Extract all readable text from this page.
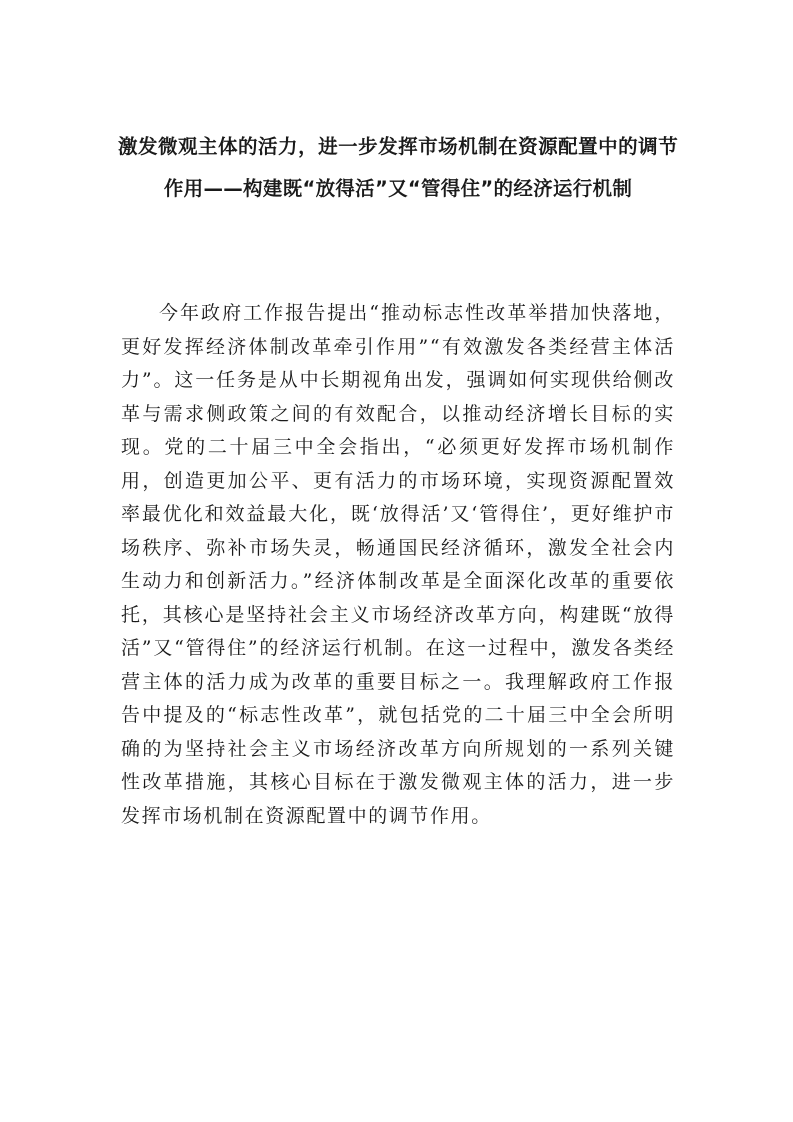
激发微观主体的活力，进一步发挥市场机制在资源配置中的调节作用——构建既“放得活”又“管得住”的经济运行机制

今年政府工作报告提出“推动标志性改革举措加快落地，更好发挥经济体制改革牵引作用”“有效激发各类经营主体活力”。这一任务是从中长期视角出发，强调如何实现供给侧改革与需求侧政策之间的有效配合，以推动经济增长目标的实现。党的二十届三中全会指出，“必须更好发挥市场机制作用，创造更加公平、更有活力的市场环境，实现资源配置效率最优化和效益最大化，既‘放得活’又‘管得住’，更好维护市场秩序、弥补市场失灵，畅通国民经济循环，激发全社会内生动力和创新活力。”经济体制改革是全面深化改革的重要依托，其核心是坚持社会主义市场经济改革方向，构建既“放得活”又“管得住”的经济运行机制。在这一过程中，激发各类经营主体的活力成为改革的重要目标之一。我理解政府工作报告中提及的“标志性改革”，就包括党的二十届三中全会所明确的为坚持社会主义市场经济改革方向所规划的一系列关键性改革措施，其核心目标在于激发微观主体的活力，进一步发挥市场机制在资源配置中的调节作用。
